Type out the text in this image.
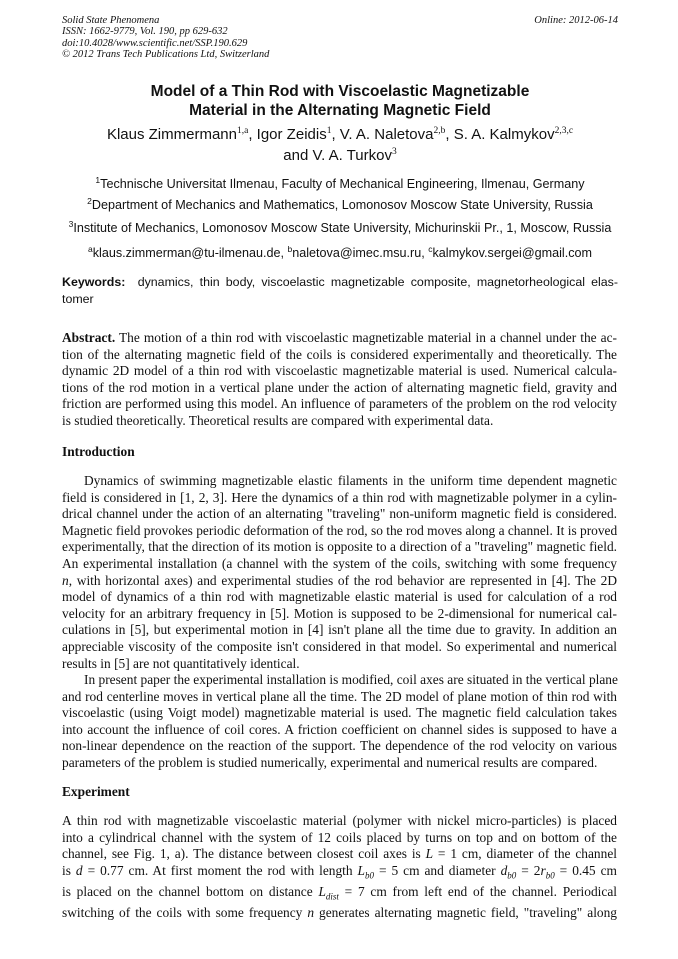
Solid State Phenomena
ISSN: 1662-9779, Vol. 190, pp 629-632
doi:10.4028/www.scientific.net/SSP.190.629
© 2012 Trans Tech Publications Ltd, Switzerland
Online: 2012-06-14
Model of a Thin Rod with Viscoelastic Magnetizable
Material in the Alternating Magnetic Field
Klaus Zimmermann$^{1,a}$, Igor Zeidis$^1$, V. A. Naletova$^{2,b}$, S. A. Kalmykov$^{2,3,c}$
and V. A. Turkov$^3$
$^1$Technische Universitat Ilmenau, Faculty of Mechanical Engineering, Ilmenau, Germany
$^2$Department of Mechanics and Mathematics, Lomonosov Moscow State University, Russia
$^3$Institute of Mechanics, Lomonosov Moscow State University, Michurinskii Pr., 1, Moscow, Russia
$^a$klaus.zimmerman@tu-ilmenau.de, $^b$naletova@imec.msu.ru, $^c$kalmykov.sergei@gmail.com
Keywords: dynamics, thin body, viscoelastic magnetizable composite, magnetorheological elas-
tomer
Abstract. The motion of a thin rod with viscoelastic magnetizable material in a channel under the ac-
tion of the alternating magnetic field of the coils is considered experimentally and theoretically. The
dynamic 2D model of a thin rod with viscoelastic magnetizable material is used. Numerical calcula-
tions of the rod motion in a vertical plane under the action of alternating magnetic field, gravity and
friction are performed using this model. An influence of parameters of the problem on the rod velocity
is studied theoretically. Theoretical results are compared with experimental data.
Introduction
Dynamics of swimming magnetizable elastic filaments in the uniform time dependent magnetic
field is considered in [1, 2, 3]. Here the dynamics of a thin rod with magnetizable polymer in a cylin-
drical channel under the action of an alternating "traveling" non-uniform magnetic field is considered.
Magnetic field provokes periodic deformation of the rod, so the rod moves along a channel. It is proved
experimentally, that the direction of its motion is opposite to a direction of a "traveling" magnetic field.
An experimental installation (a channel with the system of the coils, switching with some frequency
n, with horizontal axes) and experimental studies of the rod behavior are represented in [4]. The 2D
model of dynamics of a thin rod with magnetizable elastic material is used for calculation of a rod
velocity for an arbitrary frequency in [5]. Motion is supposed to be 2-dimensional for numerical cal-
culations in [5], but experimental motion in [4] isn't plane all the time due to gravity. In addition an
appreciable viscosity of the composite isn't considered in that model. So experimental and numerical
results in [5] are not quantitatively identical.
In present paper the experimental installation is modified, coil axes are situated in the vertical plane
and rod centerline moves in vertical plane all the time. The 2D model of plane motion of thin rod with
viscoelastic (using Voigt model) magnetizable material is used. The magnetic field calculation takes
into account the influence of coil cores. A friction coefficient on channel sides is supposed to have a
non-linear dependence on the reaction of the support. The dependence of the rod velocity on various
parameters of the problem is studied numerically, experimental and numerical results are compared.
Experiment
A thin rod with magnetizable viscoelastic material (polymer with nickel micro-particles) is placed
into a cylindrical channel with the system of 12 coils placed by turns on top and on bottom of the
channel, see Fig. 1, a). The distance between closest coil axes is L = 1 cm, diameter of the channel
is d = 0.77 cm. At first moment the rod with length $L_{b0} = 5$ cm and diameter $d_{b0} = 2r_{b0} = 0.45$ cm
is placed on the channel bottom on distance $L_{dist} = 7$ cm from left end of the channel. Periodical
switching of the coils with some frequency n generates alternating magnetic field, "traveling" along
